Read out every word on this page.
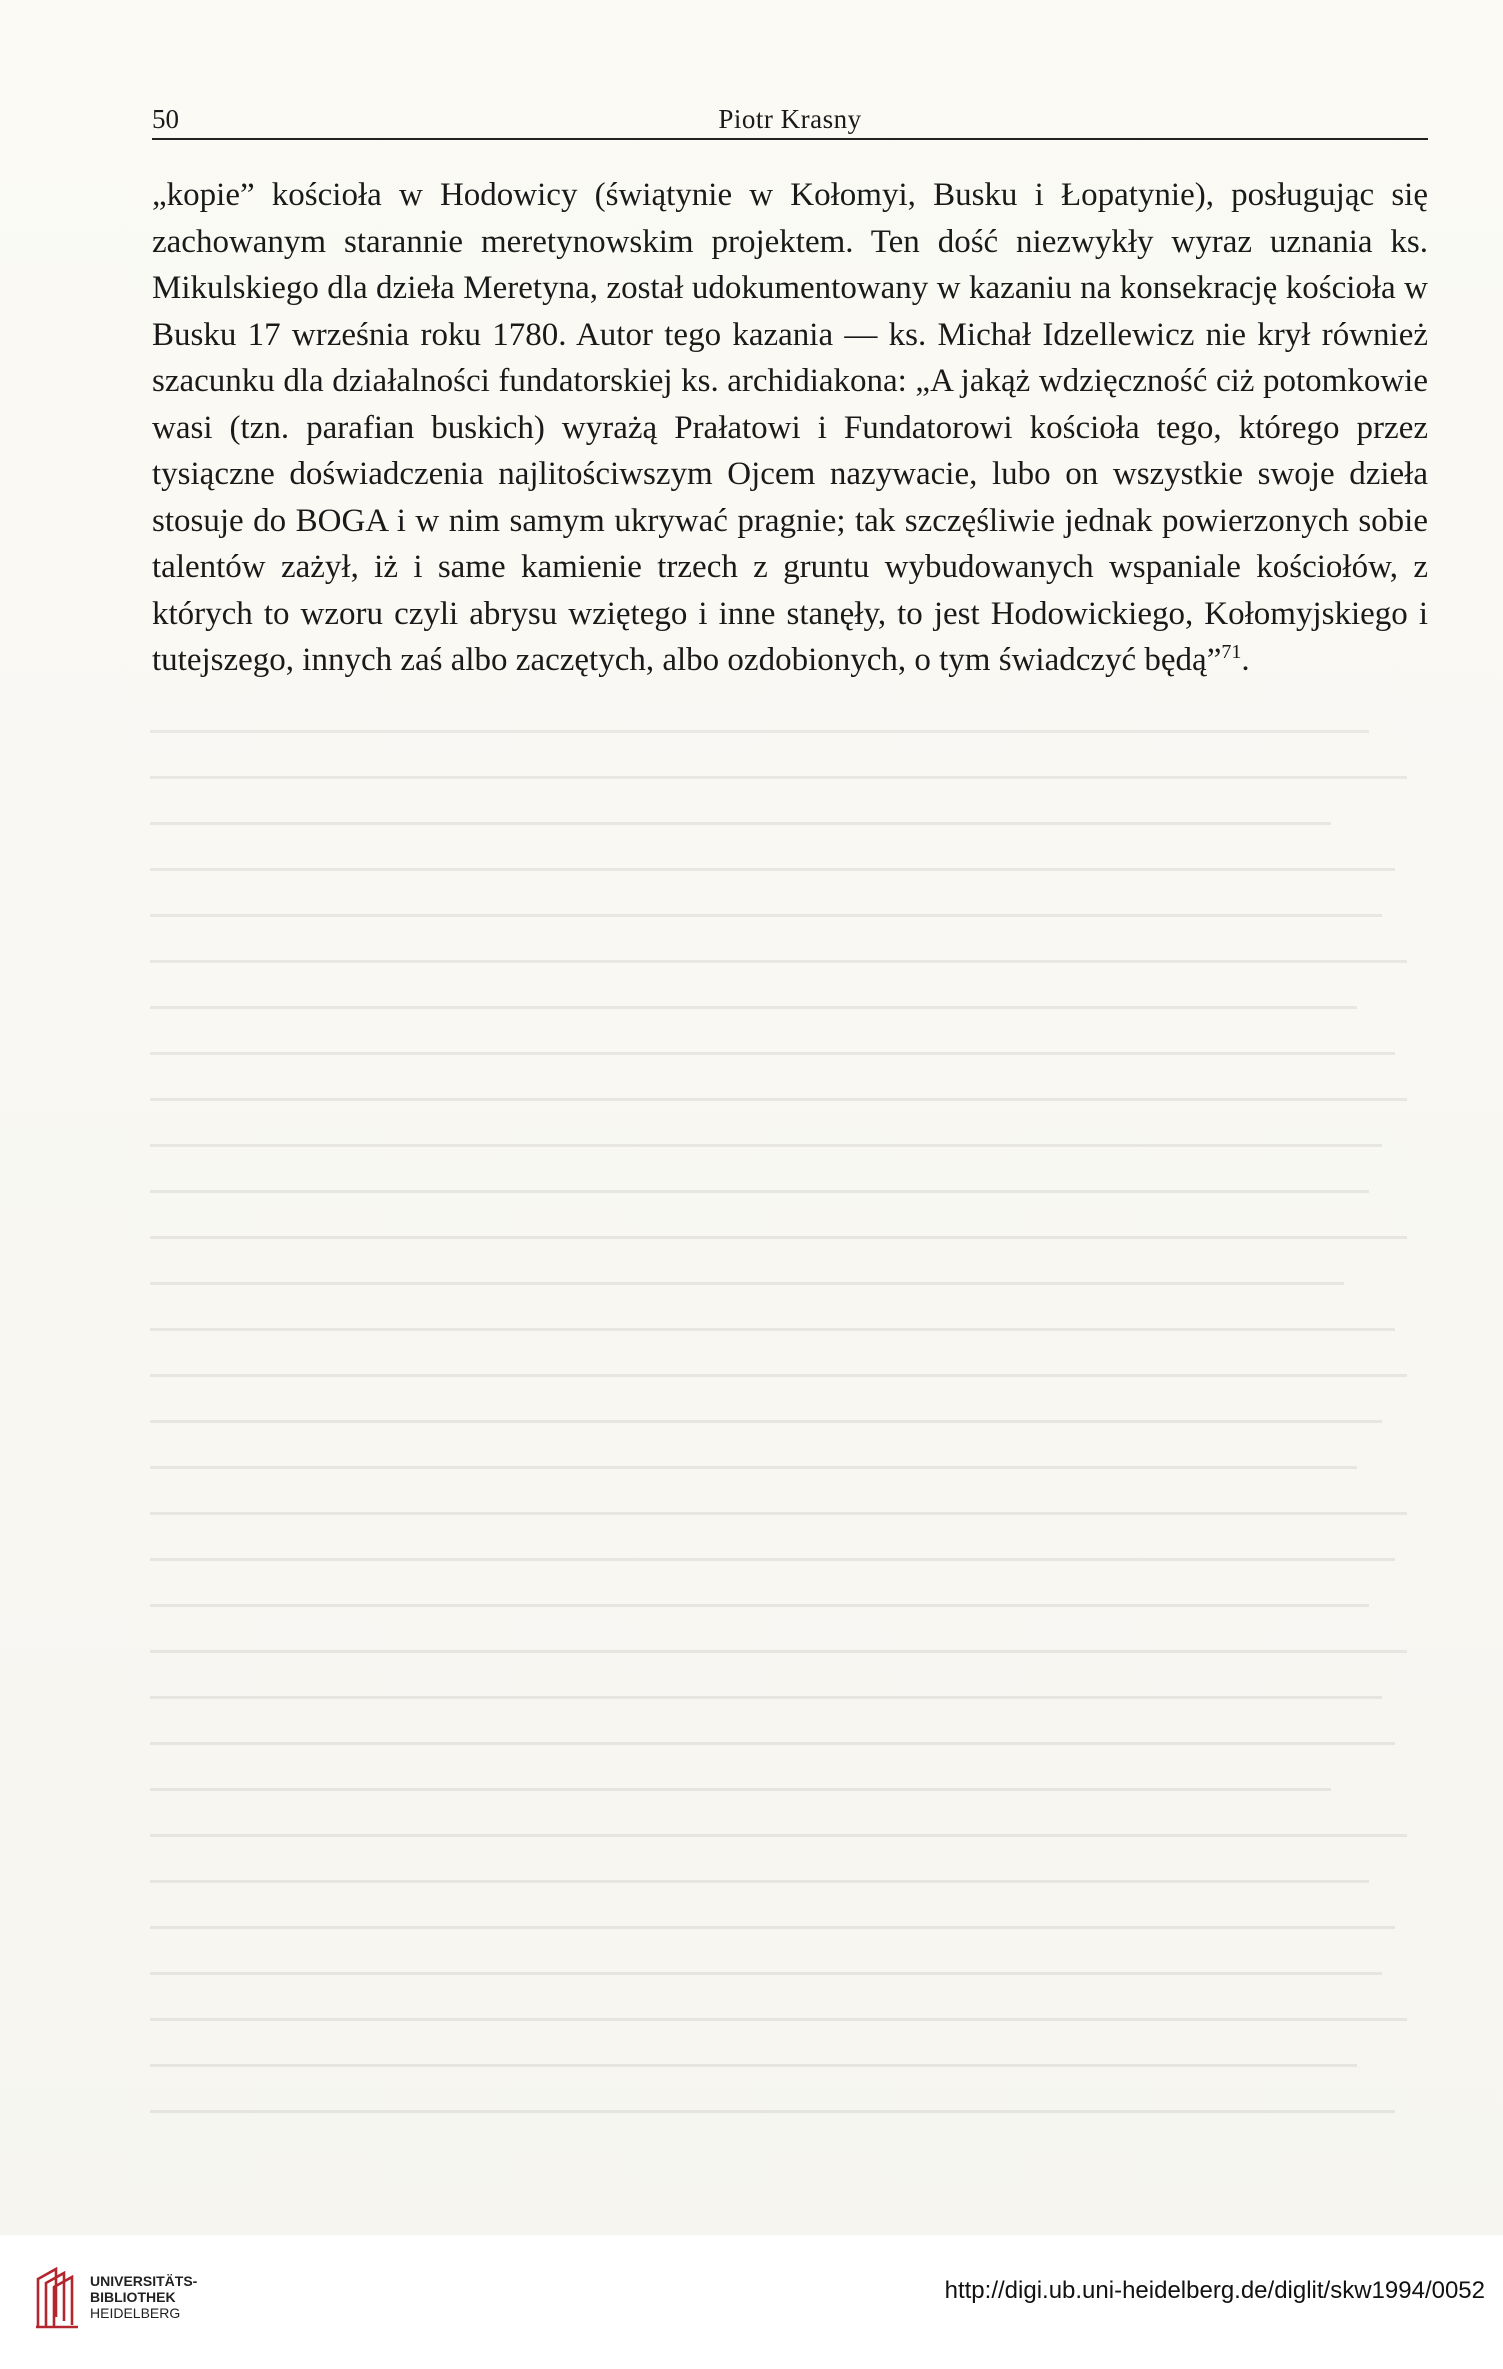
50	Piotr Krasny

„kopie” kościoła w Hodowicy (świątynie w Kołomyi, Busku i Łopatynie), posługując się zachowanym starannie meretynowskim projektem. Ten dość niezwykły wyraz uznania ks. Mikulskiego dla dzieła Meretyna, został udokumentowany w kazaniu na konsekrację kościoła w Busku 17 września roku 1780. Autor tego kazania — ks. Michał Idzellewicz nie krył również szacunku dla działalności fundatorskiej ks. archidiakona: „A jakąż wdzięczność ciż potomkowie wasi (tzn. parafian buskich) wyrażą Prałatowi i Fundatorowi kościoła tego, którego przez tysiączne doświadczenia najlitościwszym Ojcem nazywacie, lubo on wszystkie swoje dzieła stosuje do BOGA i w nim samym ukrywać pragnie; tak szczęśliwie jednak powierzonych sobie talentów zażył, iż i same kamienie trzech z gruntu wybudowanych wspaniale kościołów, z których to wzoru czyli abrysu wziętego i inne stanęły, to jest Hodowickiego, Kołomyjskiego i tutejszego, innych zaś albo zaczętych, albo ozdobionych, o tym świadczyć będą”$^{71}$.

UNIVERSITÄTS-
BIBLIOTHEK
HEIDELBERG
http://digi.ub.uni-heidelberg.de/diglit/skw1994/0052
